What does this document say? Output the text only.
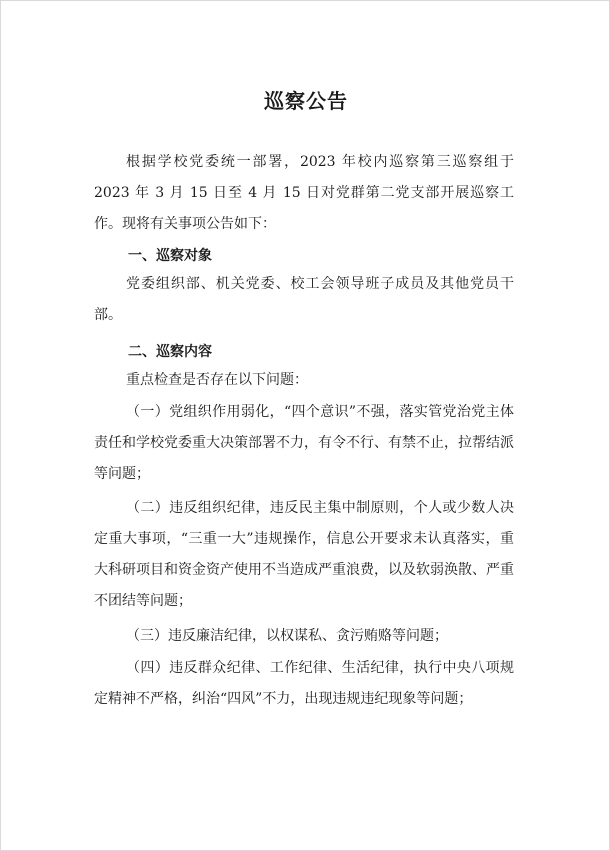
巡察公告

根据学校党委统一部署，2023 年校内巡察第三巡察组于 2023 年 3 月 15 日至 4 月 15 日对党群第二党支部开展巡察工作。现将有关事项公告如下：

一、巡察对象

党委组织部、机关党委、校工会领导班子成员及其他党员干部。

二、巡察内容

重点检查是否存在以下问题：

（一）党组织作用弱化，“四个意识”不强，落实管党治党主体责任和学校党委重大决策部署不力，有令不行、有禁不止，拉帮结派等问题；

（二）违反组织纪律，违反民主集中制原则，个人或少数人决定重大事项，“三重一大”违规操作，信息公开要求未认真落实，重大科研项目和资金资产使用不当造成严重浪费，以及软弱涣散、严重不团结等问题；

（三）违反廉洁纪律，以权谋私、贪污贿赂等问题；

（四）违反群众纪律、工作纪律、生活纪律，执行中央八项规定精神不严格，纠治“四风”不力，出现违规违纪现象等问题；
